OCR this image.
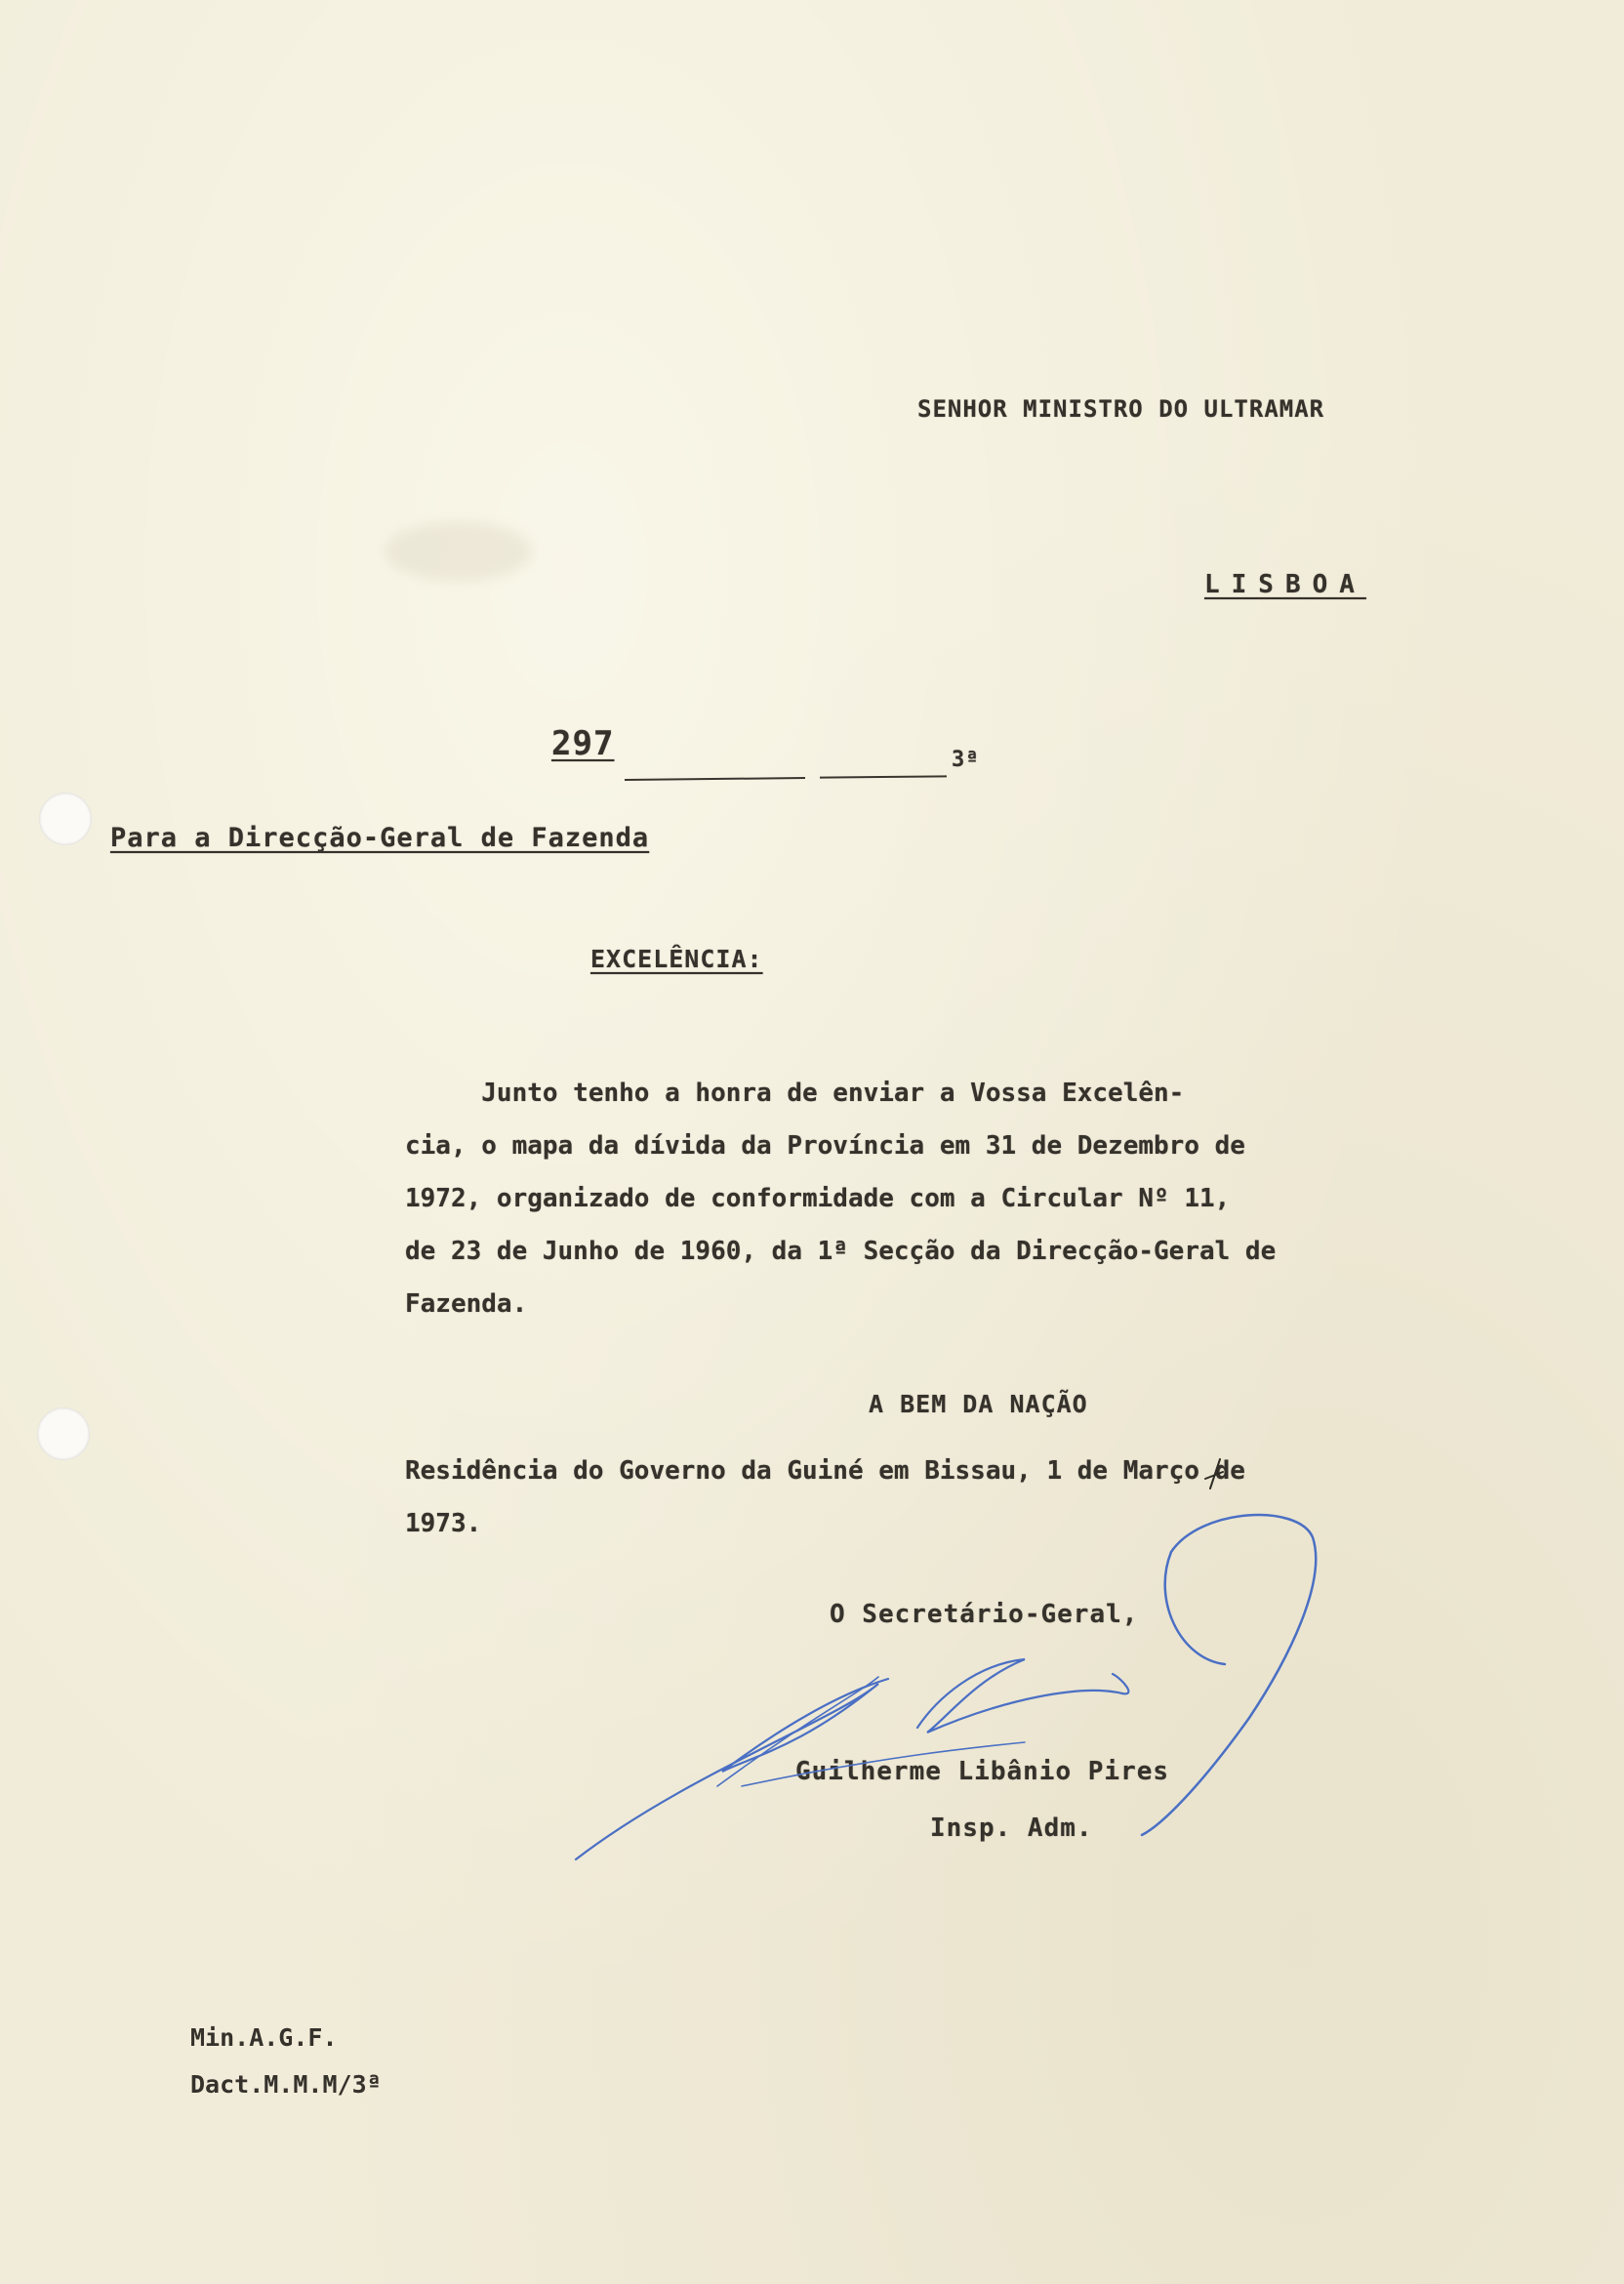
SENHOR MINISTRO DO ULTRAMAR
LISBOA
297	3ª
Para a Direcção-Geral de Fazenda
EXCELÊNCIA:
Junto tenho a honra de enviar a Vossa Excelên-
cia, o mapa da dívida da Província em 31 de Dezembro de
1972, organizado de conformidade com a Circular Nº 11,
de 23 de Junho de 1960, da 1ª Secção da Direcção-Geral de
Fazenda.
A BEM DA NAÇÃO
Residência do Governo da Guiné em Bissau, 1 de Março de
1973.
O Secretário-Geral,
Guilherme Libânio Pires
Insp. Adm.
Min.A.G.F.
Dact.M.M.M/3ª
